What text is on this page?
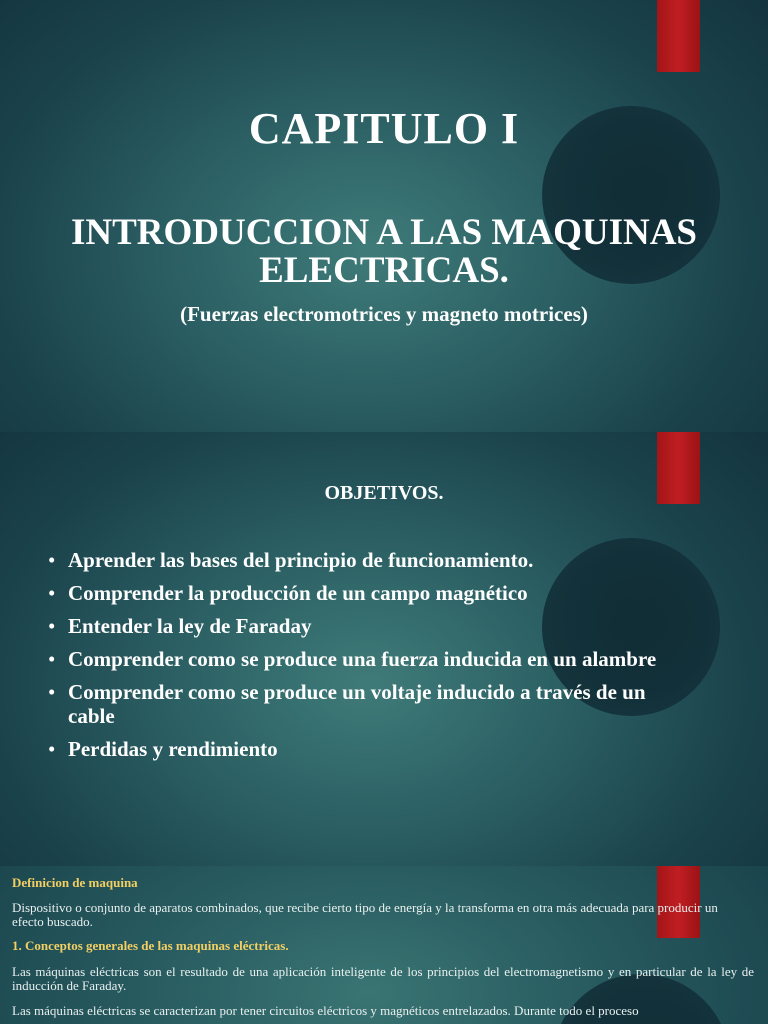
CAPITULO I
INTRODUCCION A LAS MAQUINAS ELECTRICAS.
(Fuerzas electromotrices y magneto motrices)
OBJETIVOS.
• Aprender las bases del principio de funcionamiento.
• Comprender la producción de un campo magnético
• Entender la ley de Faraday
• Comprender como se produce una fuerza inducida en un alambre
• Comprender como se produce un voltaje inducido a través de un cable
• Perdidas y rendimiento
Definicion de maquina
Dispositivo o conjunto de aparatos combinados, que recibe cierto tipo de energía y la transforma en otra más adecuada para producir un efecto buscado.
1. Conceptos generales de las maquinas eléctricas.
Las máquinas eléctricas son el resultado de una aplicación inteligente de los principios del electromagnetismo y en particular de la ley de inducción de Faraday.
Las máquinas eléctricas se caracterizan por tener circuitos eléctricos y magnéticos entrelazados. Durante todo el proceso
